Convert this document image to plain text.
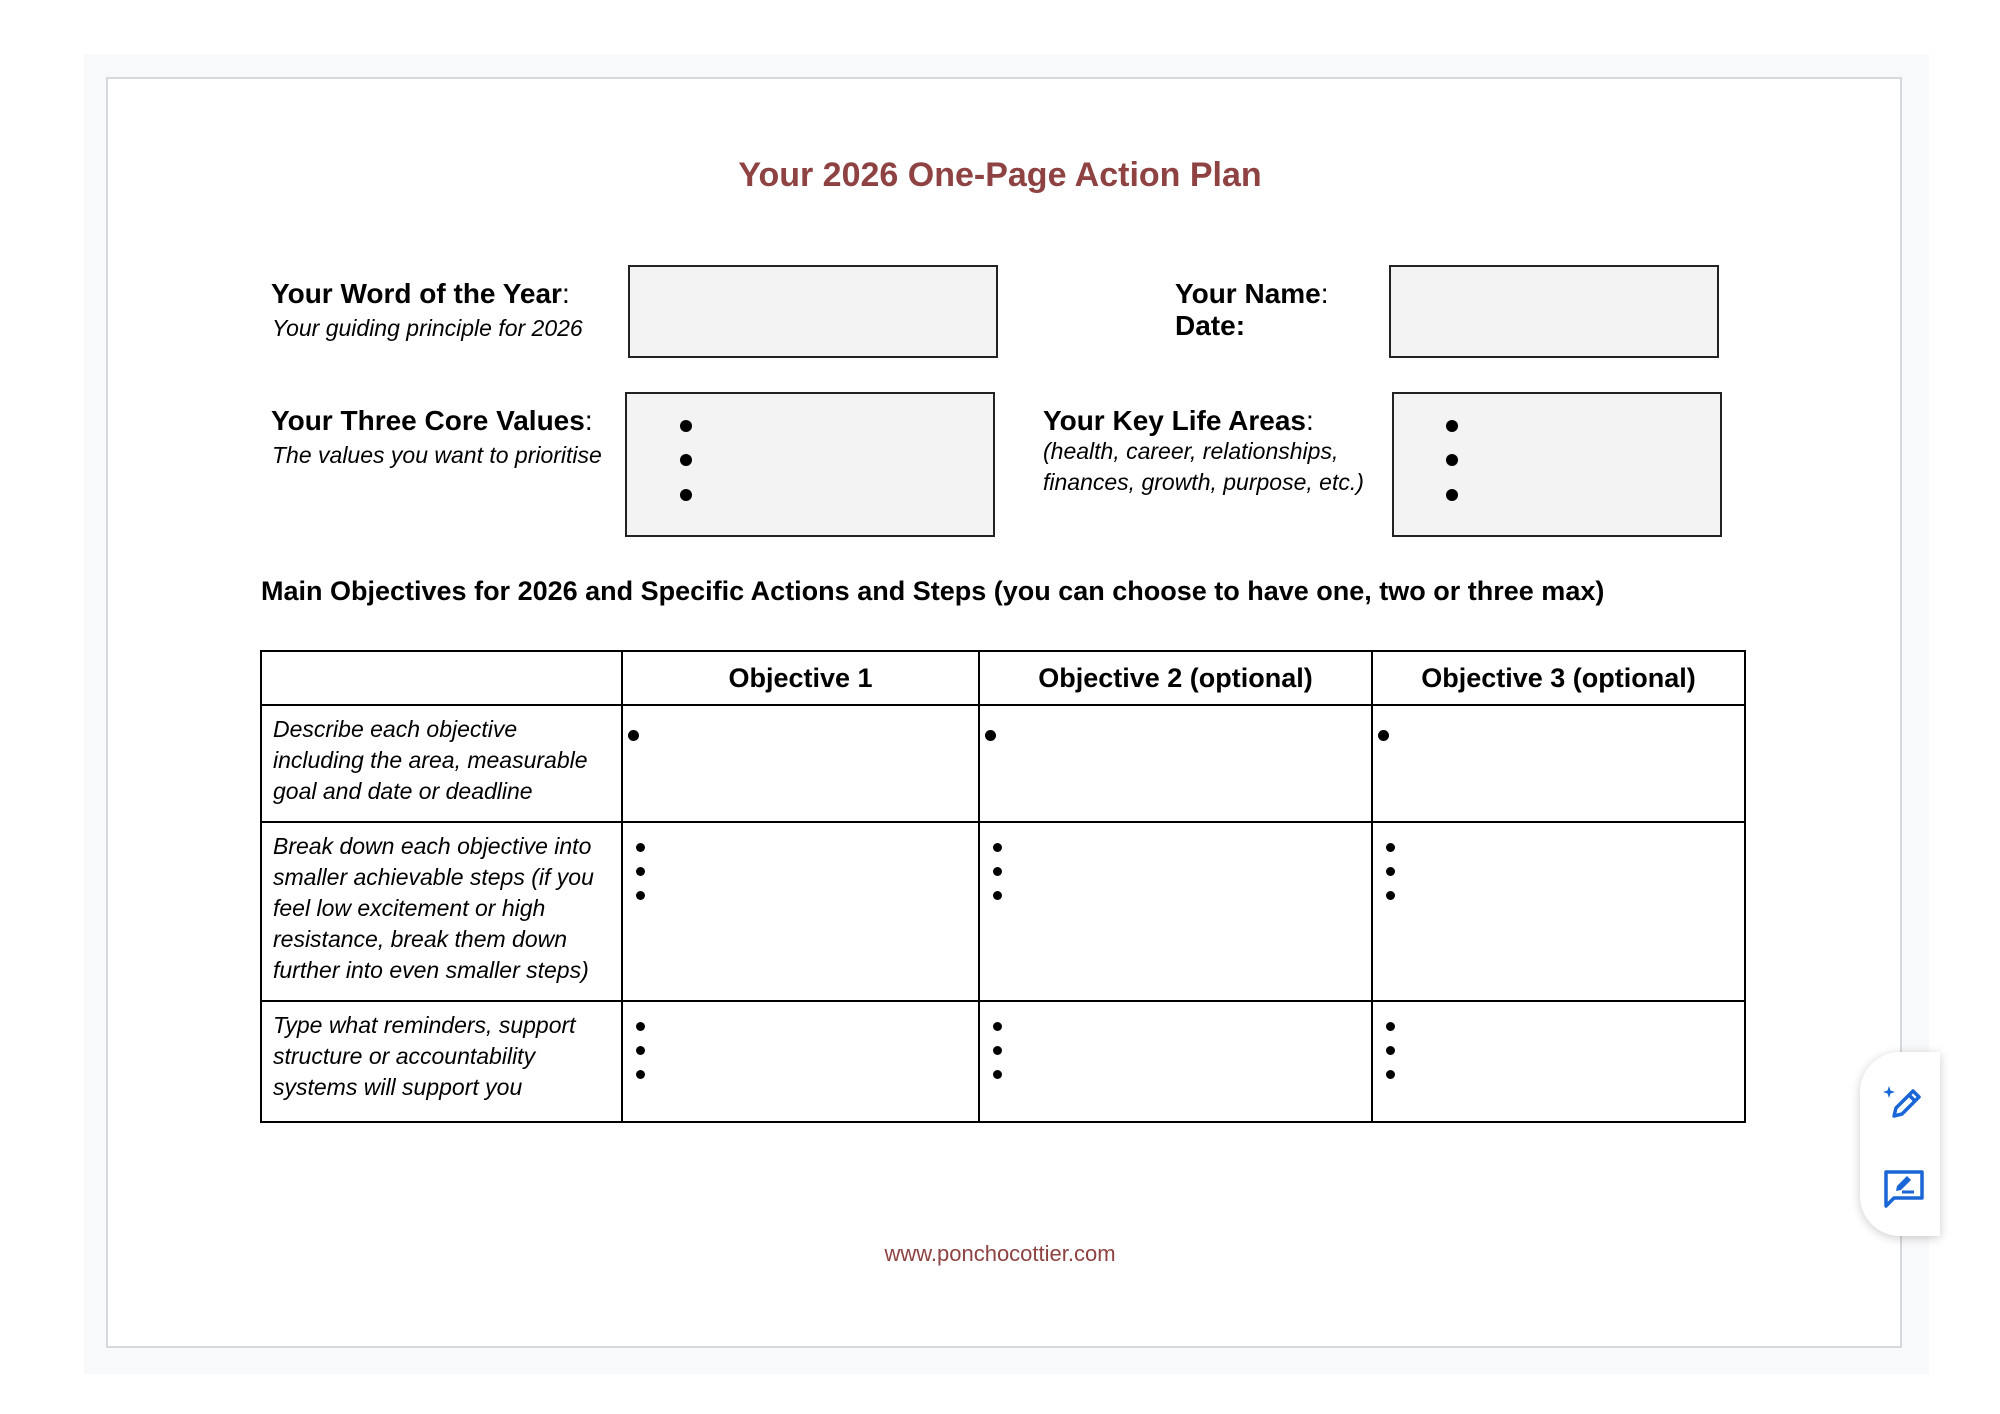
Your 2026 One-Page Action Plan
Your Word of the Year:
Your guiding principle for 2026
Your Name:
Date:
Your Three Core Values:
The values you want to prioritise
Your Key Life Areas:
(health, career, relationships,
finances, growth, purpose, etc.)
Main Objectives for 2026 and Specific Actions and Steps (you can choose to have one, two or three max)
	Objective 1	Objective 2 (optional)	Objective 3 (optional)
Describe each objective including the area, measurable goal and date or deadline	

Break down each objective into smaller achievable steps (if you feel low excitement or high resistance, break them down further into even smaller steps)	

Type what reminders, support structure or accountability systems will support you	

www.ponchocottier.com
